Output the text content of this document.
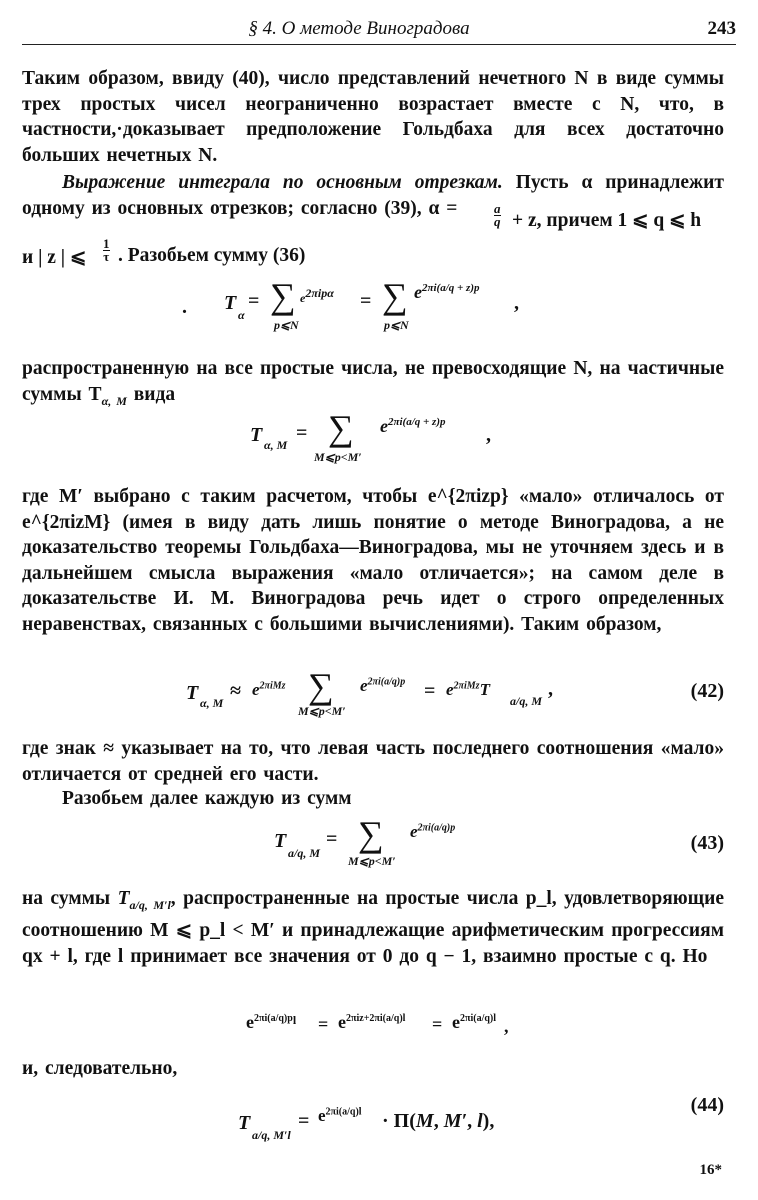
§ 4. О методе Виноградова	243
Таким образом, ввиду (40), число представлений нечетного N в виде суммы трех простых чисел неограниченно возрастает вместе с N, что, в частности,·доказывает предположение Гольдбаха для всех достаточно больших нечетных N.
Выражение интеграла по основным отрезкам. Пусть α принадлежит одному из основных отрезков; согласно (39), α =	$\frac{a}{q} + z$, причем 1 ⩽ q ⩽ h
и | z | ⩽ $\frac{1}{\tau}$ . Разобьем сумму (36)
. T
α
= ∑ $e^{2\pi ip\alpha}$
p⩽N
= ∑ $e^{2\pi i(a/q + z)p}$
p⩽N
,
распространенную на все простые числа, не превосходящие N, на частичные суммы $T_{\alpha, M}$ вида
T α, M
= ∑
M⩽p<M′
$e^{2\pi i(a/q + z)p}$
,
где M′ выбрано с таким расчетом, чтобы e^{2πizp} «мало» отличалось от e^{2πizM} (имея в виду дать лишь понятие о методе Виноградова, а не доказательство теоремы Гольдбаха—Виноградова, мы не уточняем здесь и в дальнейшем смысла выражения «мало отличается»; на самом деле в доказательстве И. М. Виноградова речь идет о строго определенных неравенствах, связанных с большими вычислениями). Таким образом,
T α, M
≈ $e^{2\pi iMz}$ ∑
M⩽p<M′
$e^{2\pi i(a/q)p} = e^{2\pi iMz}T$
a/q, M
,	(42)
где знак ≈ указывает на то, что левая часть последнего соотношения «мало» отличается от средней его части.
Разобьем далее каждую из сумм
T
a/q, M
= ∑
M⩽p<M′
$e^{2\pi i(a/q)p}$
(43)
на суммы $T_{a/q, M'l}$, распространенные на простые числа p_l, удовлетворяющие соотношению M ⩽ p_l < M′ и принадлежащие арифметическим прогрессиям qx + l, где l принимает все значения от 0 до q − 1, взаимно простые с q. Но
$e^{2\pi i(a/q)p_l} = e^{2\pi iz+2\pi i(a/q)l} = e^{2\pi i(a/q)l}$ ,
и, следовательно,
T
a/q, M′l
= $e^{2\pi i(a/q)l} \cdot \Pi(M$, M′, l),
(44)
16*
